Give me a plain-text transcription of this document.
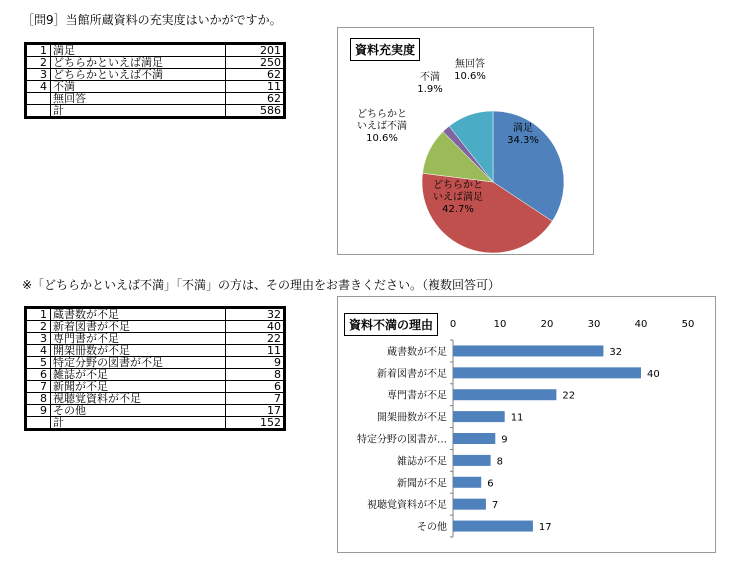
［問9］当館所蔵資料の充実度はいかがですか。
1	満足	201
2	どちらかといえば満足	250
3	どちらかといえば不満	62
4	不満	11
	無回答	62
	計	586
資料充実度
満足 34.3%
どちらかといえば満足 42.7%
どちらかといえば不満 10.6%
不満 1.9%
無回答 10.6%
※「どちらかといえば不満」「不満」の方は、その理由をお書きください。（複数回答可）
1	蔵書数が不足	32
2	新着図書が不足	40
3	専門書が不足	22
4	開架冊数が不足	11
5	特定分野の図書が不足	9
6	雑誌が不足	8
7	新聞が不足	6
8	視聴覚資料が不足	7
9	その他	17
	計	152
資料不満の理由	0	10	20	30	40	50
蔵書数が不足	32
新着図書が不足	40
専門書が不足	22
開架冊数が不足	11
特定分野の図書が…	9
雑誌が不足	8
新聞が不足	6
視聴覚資料が不足	7
その他	17
